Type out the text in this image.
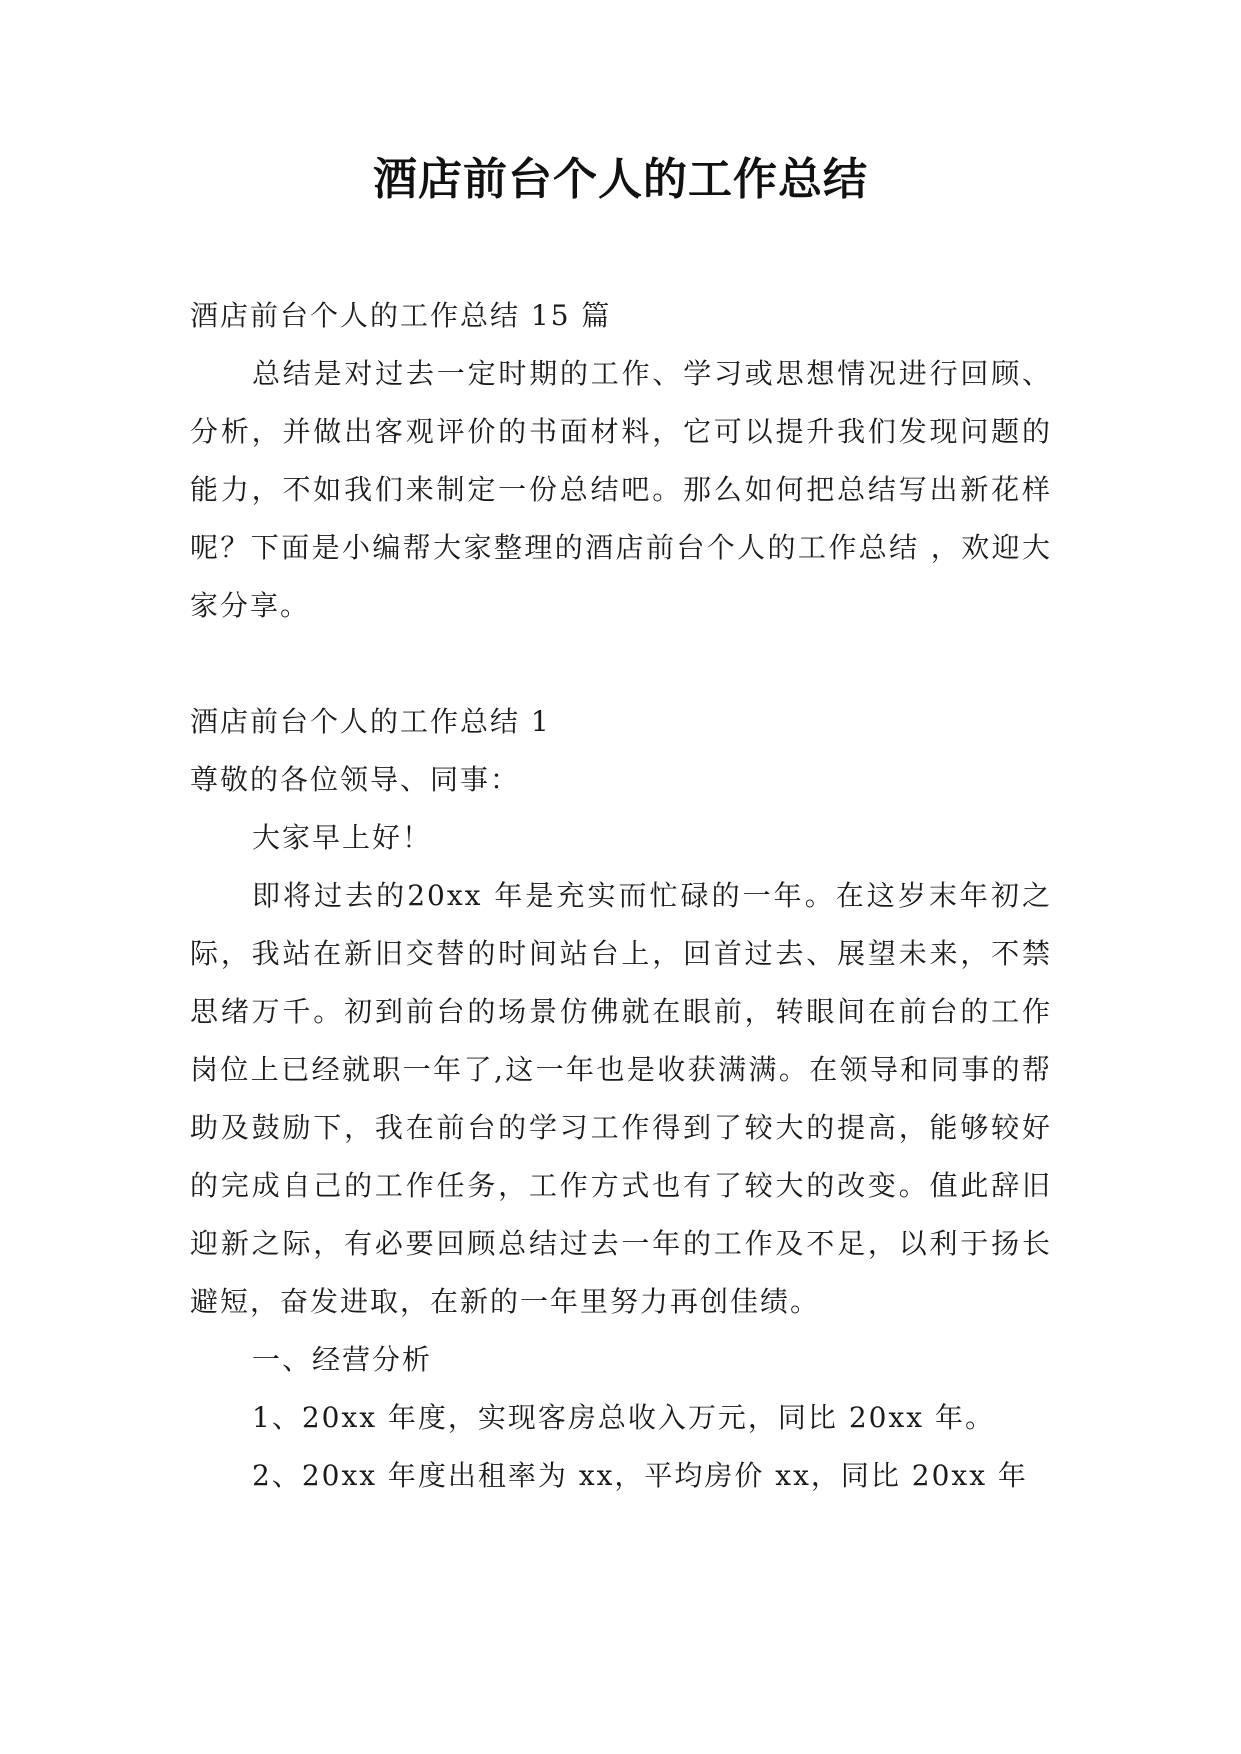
酒店前台个人的工作总结

酒店前台个人的工作总结 15 篇

总结是对过去一定时期的工作、学习或思想情况进行回顾、分析，并做出客观评价的书面材料，它可以提升我们发现问题的能力，不如我们来制定一份总结吧。那么如何把总结写出新花样呢？下面是小编帮大家整理的酒店前台个人的工作总结 ，欢迎大家分享。

酒店前台个人的工作总结 1

尊敬的各位领导、同事：

大家早上好！

即将过去的20xx 年是充实而忙碌的一年。在这岁末年初之际，我站在新旧交替的时间站台上，回首过去、展望未来，不禁思绪万千。初到前台的场景仿佛就在眼前，转眼间在前台的工作岗位上已经就职一年了,这一年也是收获满满。在领导和同事的帮助及鼓励下，我在前台的学习工作得到了较大的提高，能够较好的完成自己的工作任务，工作方式也有了较大的改变。值此辞旧迎新之际，有必要回顾总结过去一年的工作及不足，以利于扬长避短，奋发进取，在新的一年里努力再创佳绩。

一、经营分析

1、20xx 年度，实现客房总收入万元，同比 20xx 年。

2、20xx 年度出租率为 xx，平均房价 xx，同比 20xx 年
